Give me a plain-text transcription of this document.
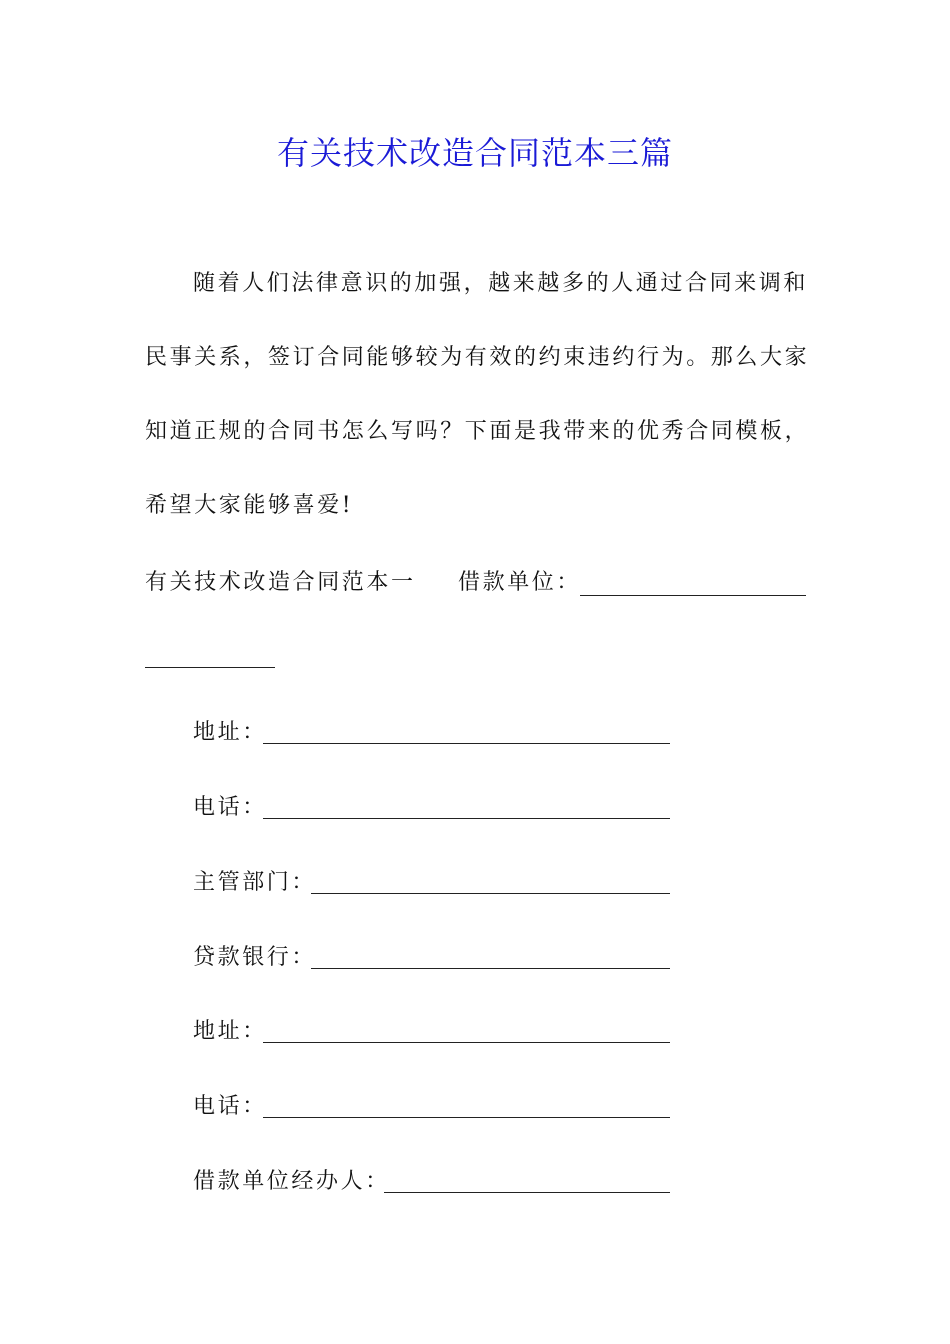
有关技术改造合同范本三篇
随着人们法律意识的加强，越来越多的人通过合同来调和
民事关系，签订合同能够较为有效的约束违约行为。那么大家
知道正规的合同书怎么写吗？下面是我带来的优秀合同模板，
希望大家能够喜爱!
有关技术改造合同范本一	借款单位：
地址：
电话：
主管部门：
贷款银行：
地址：
电话：
借款单位经办人：
